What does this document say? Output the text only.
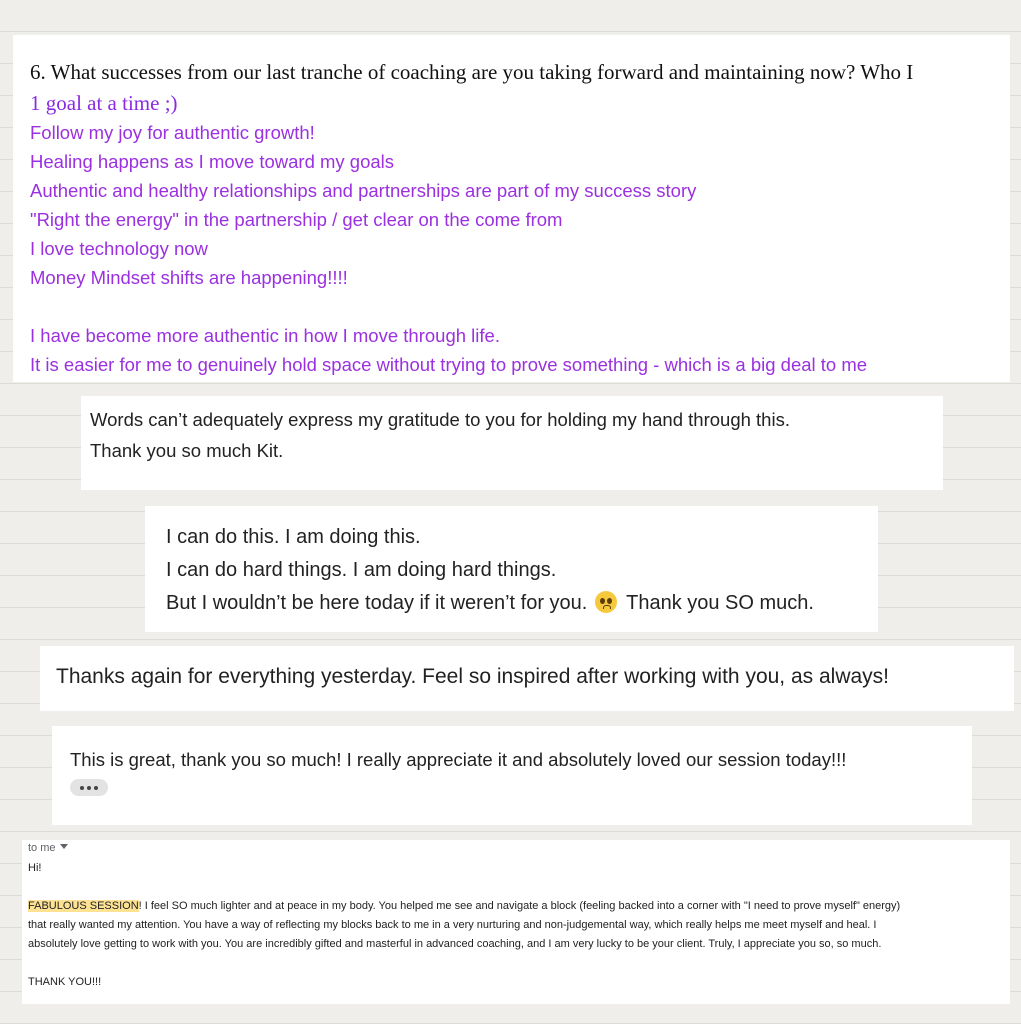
6. What successes from our last tranche of coaching are you taking forward and maintaining now? Who I
1 goal at a time ;)
Follow my joy for authentic growth!
Healing happens as I move toward my goals
Authentic and healthy relationships and partnerships are part of my success story
"Right the energy" in the partnership / get clear on the come from
I love technology now
Money Mindset shifts are happening!!!!
I have become more authentic in how I move through life.
It is easier for me to genuinely hold space without trying to prove something - which is a big deal to me
Words can’t adequately express my gratitude to you for holding my hand through this.
Thank you so much Kit.
I can do this. I am doing this.
I can do hard things. I am doing hard things.
But I wouldn’t be here today if it weren’t for you. Thank you SO much.
Thanks again for everything yesterday. Feel so inspired after working with you, as always!
This is great, thank you so much! I really appreciate it and absolutely loved our session today!!!
to me
Hi!
FABULOUS SESSION! I feel SO much lighter and at peace in my body. You helped me see and navigate a block (feeling backed into a corner with "I need to prove myself" energy)
that really wanted my attention. You have a way of reflecting my blocks back to me in a very nurturing and non-judgemental way, which really helps me meet myself and heal. I
absolutely love getting to work with you. You are incredibly gifted and masterful in advanced coaching, and I am very lucky to be your client. Truly, I appreciate you so, so much.
THANK YOU!!!
